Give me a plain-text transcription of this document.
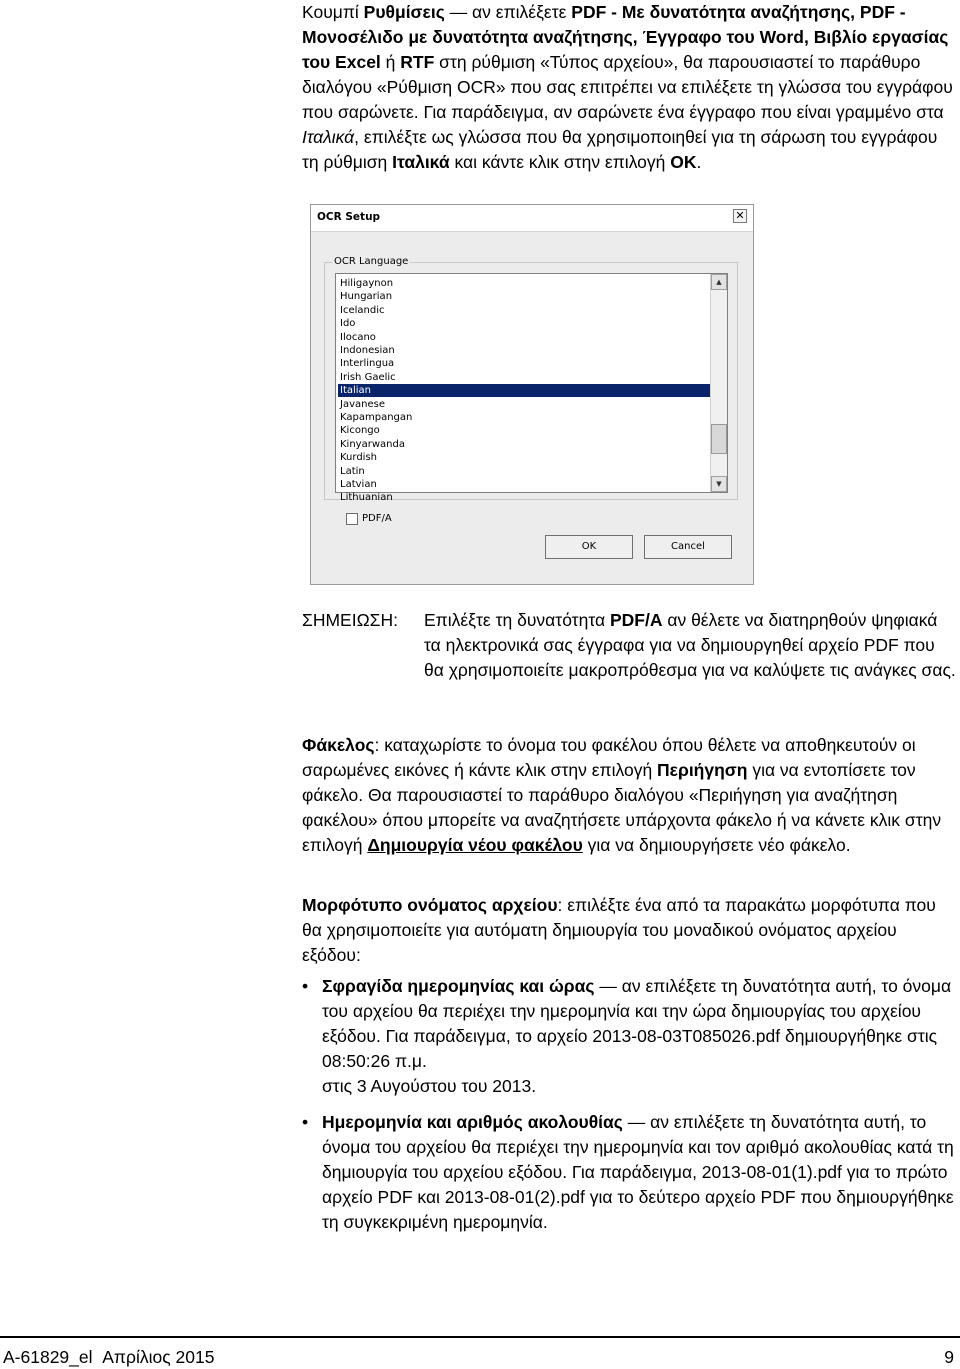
Κουμπί Ρυθμίσεις — αν επιλέξετε PDF - Με δυνατότητα αναζήτησης, PDF - Μονοσέλιδο με δυνατότητα αναζήτησης, Έγγραφο του Word, Βιβλίο εργασίας του Excel ή RTF στη ρύθμιση «Τύπος αρχείου», θα παρουσιαστεί το παράθυρο διαλόγου «Ρύθμιση OCR» που σας επιτρέπει να επιλέξετε τη γλώσσα του εγγράφου που σαρώνετε. Για παράδειγμα, αν σαρώνετε ένα έγγραφο που είναι γραμμένο στα Ιταλικά, επιλέξτε ως γλώσσα που θα χρησιμοποιηθεί για τη σάρωση του εγγράφου τη ρύθμιση Ιταλικά και κάντε κλικ στην επιλογή OK.

OCR Setup	✕
OCR Language
Hiligaynon
Hungarian
Icelandic
Ido
Ilocano
Indonesian
Interlingua
Irish Gaelic
Italian
Javanese
Kapampangan
Kicongo
Kinyarwanda
Kurdish
Latin
Latvian
Lithuanian
▲
▼
PDF/A
OK	Cancel
ΣΗΜΕΙΩΣΗ: Επιλέξτε τη δυνατότητα PDF/A αν θέλετε να διατηρηθούν ψηφιακά τα ηλεκτρονικά σας έγγραφα για να δημιουργηθεί αρχείο PDF που θα χρησιμοποιείτε μακροπρόθεσμα για να καλύψετε τις ανάγκες σας.

Φάκελος: καταχωρίστε το όνομα του φακέλου όπου θέλετε να αποθηκευτούν οι σαρωμένες εικόνες ή κάντε κλικ στην επιλογή Περιήγηση για να εντοπίσετε τον φάκελο. Θα παρουσιαστεί το παράθυρο διαλόγου «Περιήγηση για αναζήτηση φακέλου» όπου μπορείτε να αναζητήσετε υπάρχοντα φάκελο ή να κάνετε κλικ στην επιλογή Δημιουργία νέου φακέλου για να δημιουργήσετε νέο φάκελο.

Μορφότυπο ονόματος αρχείου: επιλέξτε ένα από τα παρακάτω μορφότυπα που θα χρησιμοποιείτε για αυτόματη δημιουργία του μοναδικού ονόματος αρχείου εξόδου:

• Σφραγίδα ημερομηνίας και ώρας — αν επιλέξετε τη δυνατότητα αυτή, το όνομα του αρχείου θα περιέχει την ημερομηνία και την ώρα δημιουργίας του αρχείου εξόδου. Για παράδειγμα, το αρχείο 2013-08-03T085026.pdf δημιουργήθηκε στις 08:50:26 π.μ.
στις 3 Αυγούστου του 2013.

• Ημερομηνία και αριθμός ακολουθίας — αν επιλέξετε τη δυνατότητα αυτή, το όνομα του αρχείου θα περιέχει την ημερομηνία και τον αριθμό ακολουθίας κατά τη δημιουργία του αρχείου εξόδου. Για παράδειγμα, 2013-08-01(1).pdf για το πρώτο αρχείο PDF και 2013-08-01(2).pdf για το δεύτερο αρχείο PDF που δημιουργήθηκε τη συγκεκριμένη ημερομηνία.

A-61829_el  Απρίλιος 2015	9
